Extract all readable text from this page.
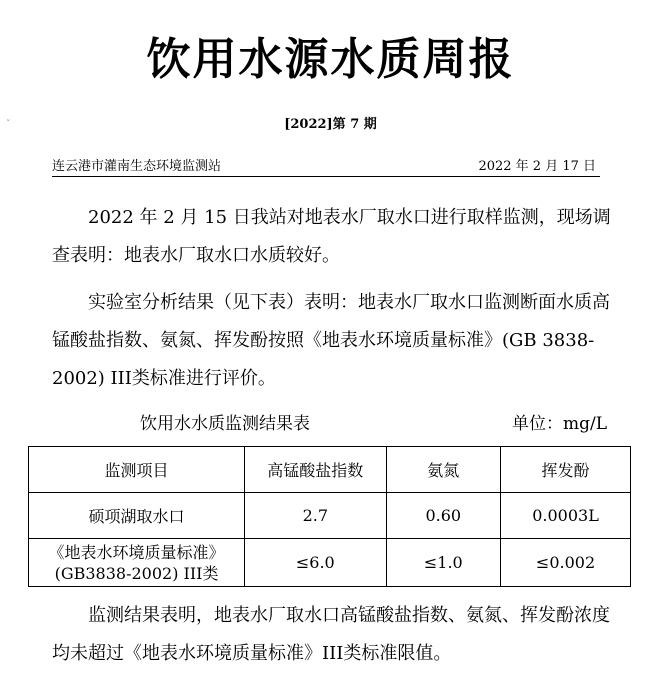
饮用水源水质周报
ˇ	[2022]第 7 期
连云港市灌南生态环境监测站	2022 年 2 月 17 日

2022 年 2 月 15 日我站对地表水厂取水口进行取样监测，现场调查表明：地表水厂取水口水质较好。

实验室分析结果（见下表）表明：地表水厂取水口监测断面水质高锰酸盐指数、氨氮、挥发酚按照《地表水环境质量标准》(GB 3838-2002) III类标准进行评价。

饮用水水质监测结果表	单位：mg/L
监测项目	高锰酸盐指数	氨氮	挥发酚
硕项湖取水口	2.7	0.60	0.0003L

《地表水环境质量标准》
(GB3838-2002) III类	≤6.0	≤1.0	≤0.002

监测结果表明，地表水厂取水口高锰酸盐指数、氨氮、挥发酚浓度均未超过《地表水环境质量标准》III类标准限值。
